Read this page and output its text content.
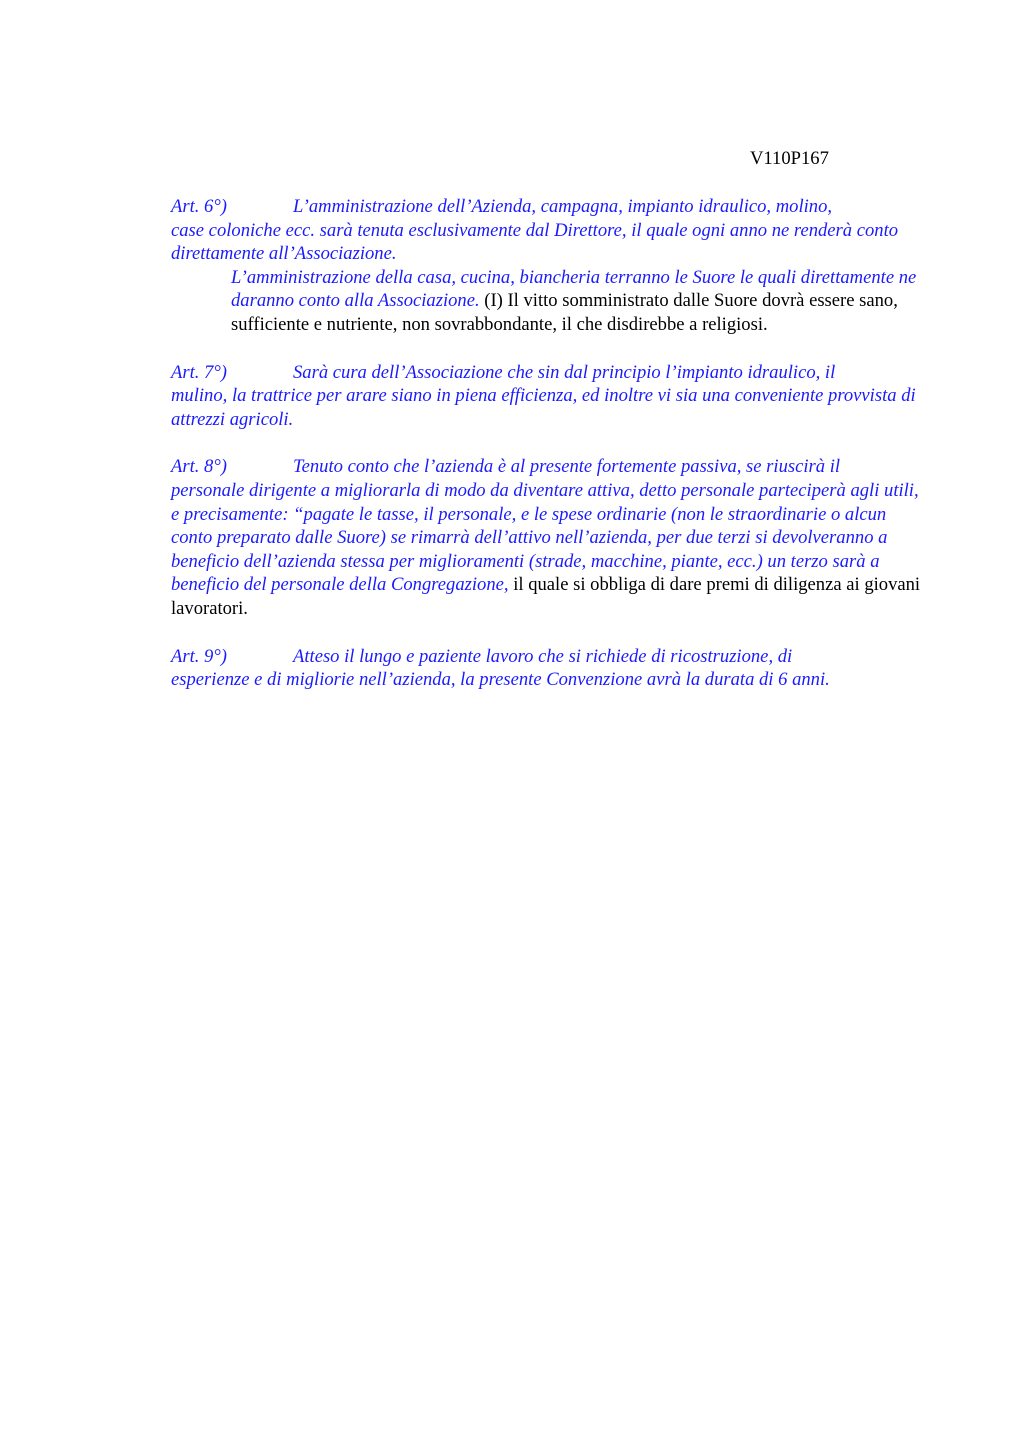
V110P167

Art. 6°)	L’amministrazione dell’Azienda, campagna, impianto idraulico, molino,
case coloniche ecc. sarà tenuta esclusivamente dal Direttore, il quale ogni anno ne renderà conto direttamente all’Associazione.

L’amministrazione della casa, cucina, biancheria terranno le Suore le quali direttamente ne daranno conto alla Associazione. (I) Il vitto somministrato dalle Suore dovrà essere sano, sufficiente e nutriente, non sovrabbondante, il che disdirebbe a religiosi.

Art. 7°)	Sarà cura dell’Associazione che sin dal principio l’impianto idraulico, il
mulino, la trattrice per arare siano in piena efficienza, ed inoltre vi sia una conveniente provvista di attrezzi agricoli.
Art. 8°)	Tenuto conto che l’azienda è al presente fortemente passiva, se riuscirà il
personale dirigente a migliorarla di modo da diventare attiva, detto personale parteciperà agli utili, e precisamente: “pagate le tasse, il personale, e le spese ordinarie (non le straordinarie o alcun conto preparato dalle Suore) se rimarrà dell’attivo nell’azienda, per due terzi si devolveranno a beneficio dell’azienda stessa per miglioramenti (strade, macchine, piante, ecc.) un terzo sarà a beneficio del personale della Congregazione, il quale si obbliga di dare premi di diligenza ai giovani lavoratori.
Art. 9°)	Atteso il lungo e paziente lavoro che si richiede di ricostruzione, di
esperienze e di migliorie nell’azienda, la presente Convenzione avrà la durata di 6 anni.
